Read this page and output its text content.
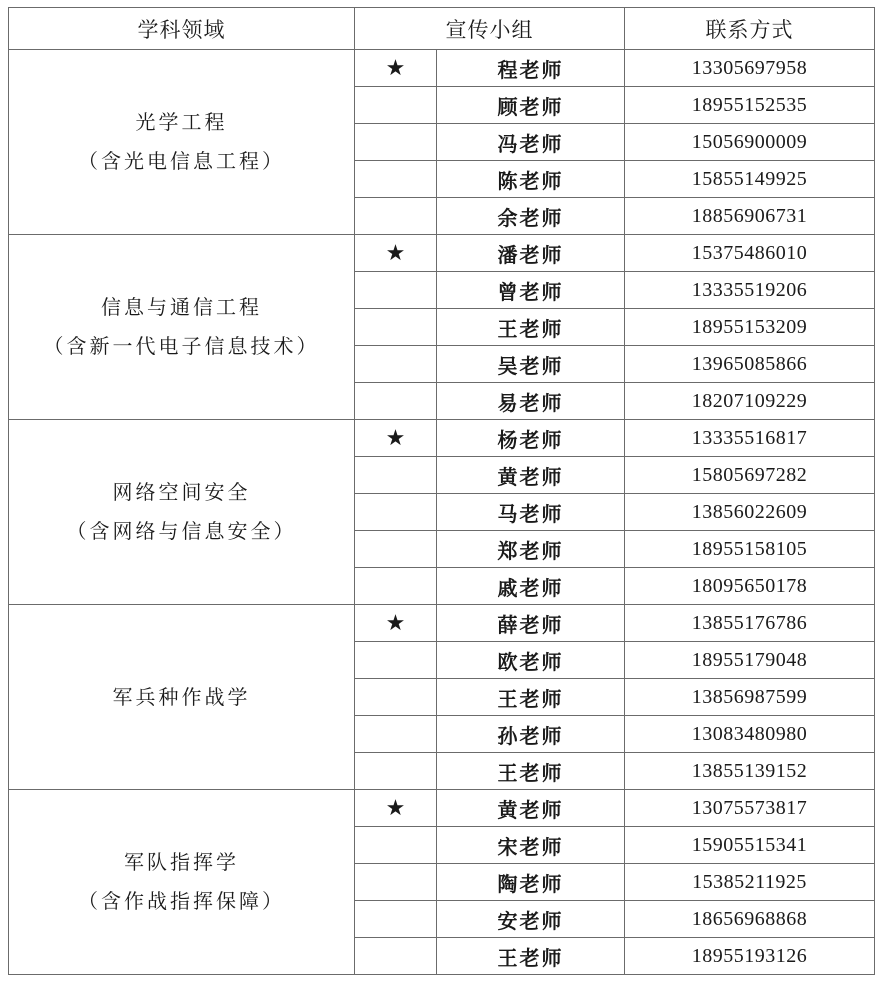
学科领域	宣传小组		联系方式

光学工程
（含光电信息工程）	★	程老师	13305697958
		顾老师	18955152535
		冯老师	15056900009
		陈老师	15855149925
		余老师	18856906731

信息与通信工程
（含新一代电子信息技术）	★	潘老师	15375486010
		曾老师	13335519206
		王老师	18955153209
		吴老师	13965085866
		易老师	18207109229

网络空间安全
（含网络与信息安全）	★	杨老师	13335516817
		黄老师	15805697282
		马老师	13856022609
		郑老师	18955158105
		戚老师	18095650178

军兵种作战学	★	薛老师	13855176786
		欧老师	18955179048
		王老师	13856987599
		孙老师	13083480980
		王老师	13855139152

军队指挥学
（含作战指挥保障）	★	黄老师	13075573817
		宋老师	15905515341
		陶老师	15385211925
		安老师	18656968868
		王老师	18955193126
